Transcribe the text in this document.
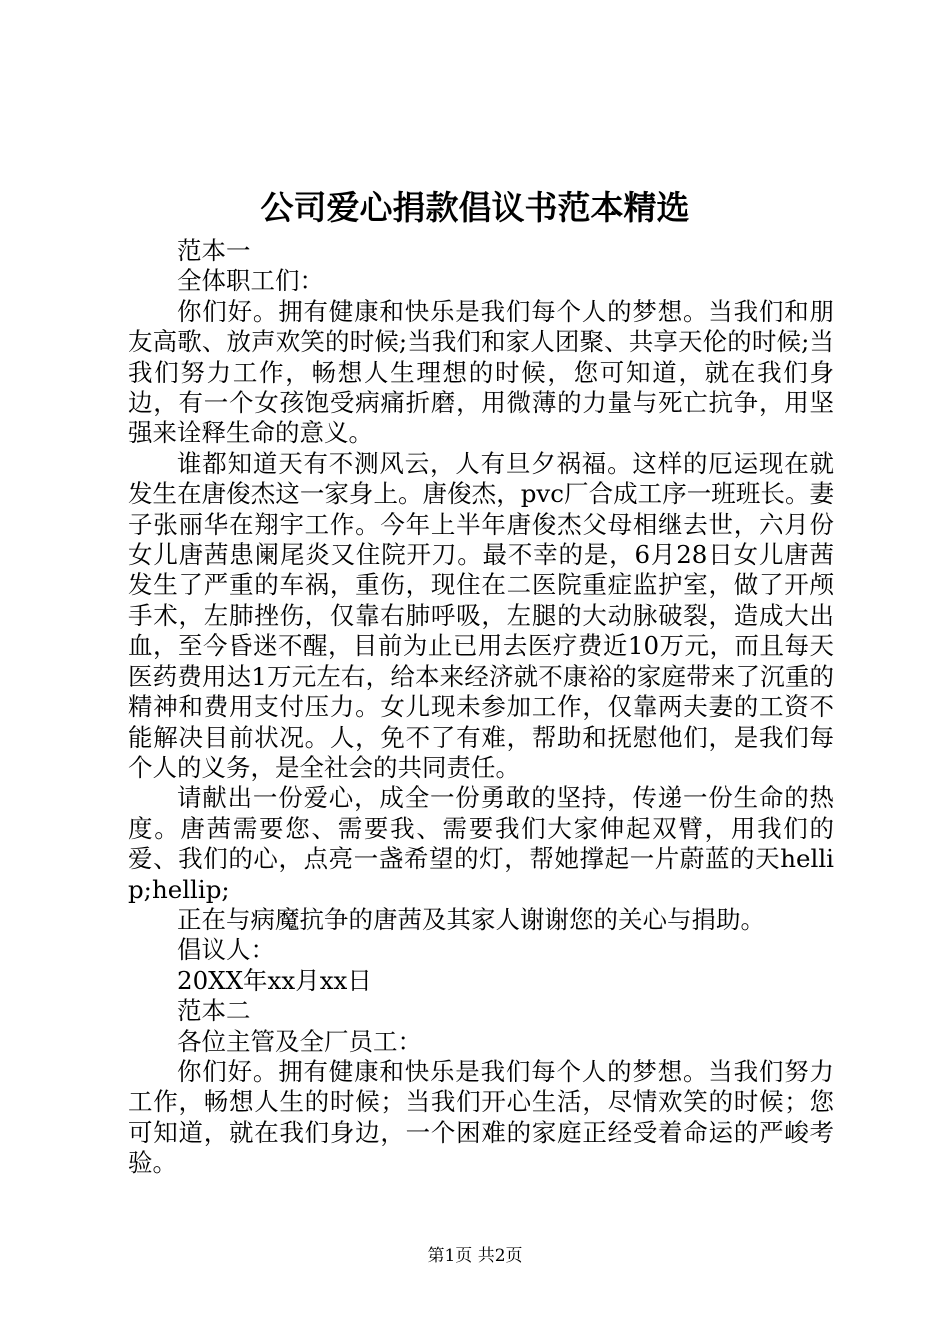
公司爱心捐款倡议书范本精选

范本一

全体职工们：

你们好。拥有健康和快乐是我们每个人的梦想。当我们和朋友高歌、放声欢笑的时候;当我们和家人团聚、共享天伦的时候;当我们努力工作，畅想人生理想的时候，您可知道，就在我们身边，有一个女孩饱受病痛折磨，用微薄的力量与死亡抗争，用坚强来诠释生命的意义。

谁都知道天有不测风云，人有旦夕祸福。这样的厄运现在就发生在唐俊杰这一家身上。唐俊杰，pvc厂合成工序一班班长。妻子张丽华在翔宇工作。今年上半年唐俊杰父母相继去世，六月份女儿唐茜患阑尾炎又住院开刀。最不幸的是，6月28日女儿唐茜发生了严重的车祸，重伤，现住在二医院重症监护室，做了开颅手术，左肺挫伤，仅靠右肺呼吸，左腿的大动脉破裂，造成大出血，至今昏迷不醒，目前为止已用去医疗费近10万元，而且每天医药费用达1万元左右，给本来经济就不康裕的家庭带来了沉重的精神和费用支付压力。女儿现未参加工作，仅靠两夫妻的工资不能解决目前状况。人，免不了有难，帮助和抚慰他们，是我们每个人的义务，是全社会的共同责任。

请献出一份爱心，成全一份勇敢的坚持，传递一份生命的热度。唐茜需要您、需要我、需要我们大家伸起双臂，用我们的爱、我们的心，点亮一盏希望的灯，帮她撑起一片蔚蓝的天hellip;hellip;

正在与病魔抗争的唐茜及其家人谢谢您的关心与捐助。

倡议人：

20XX年xx月xx日

范本二

各位主管及全厂员工：

你们好。拥有健康和快乐是我们每个人的梦想。当我们努力工作，畅想人生的时候；当我们开心生活，尽情欢笑的时候；您可知道，就在我们身边，一个困难的家庭正经受着命运的严峻考验。

第1页 共2页
